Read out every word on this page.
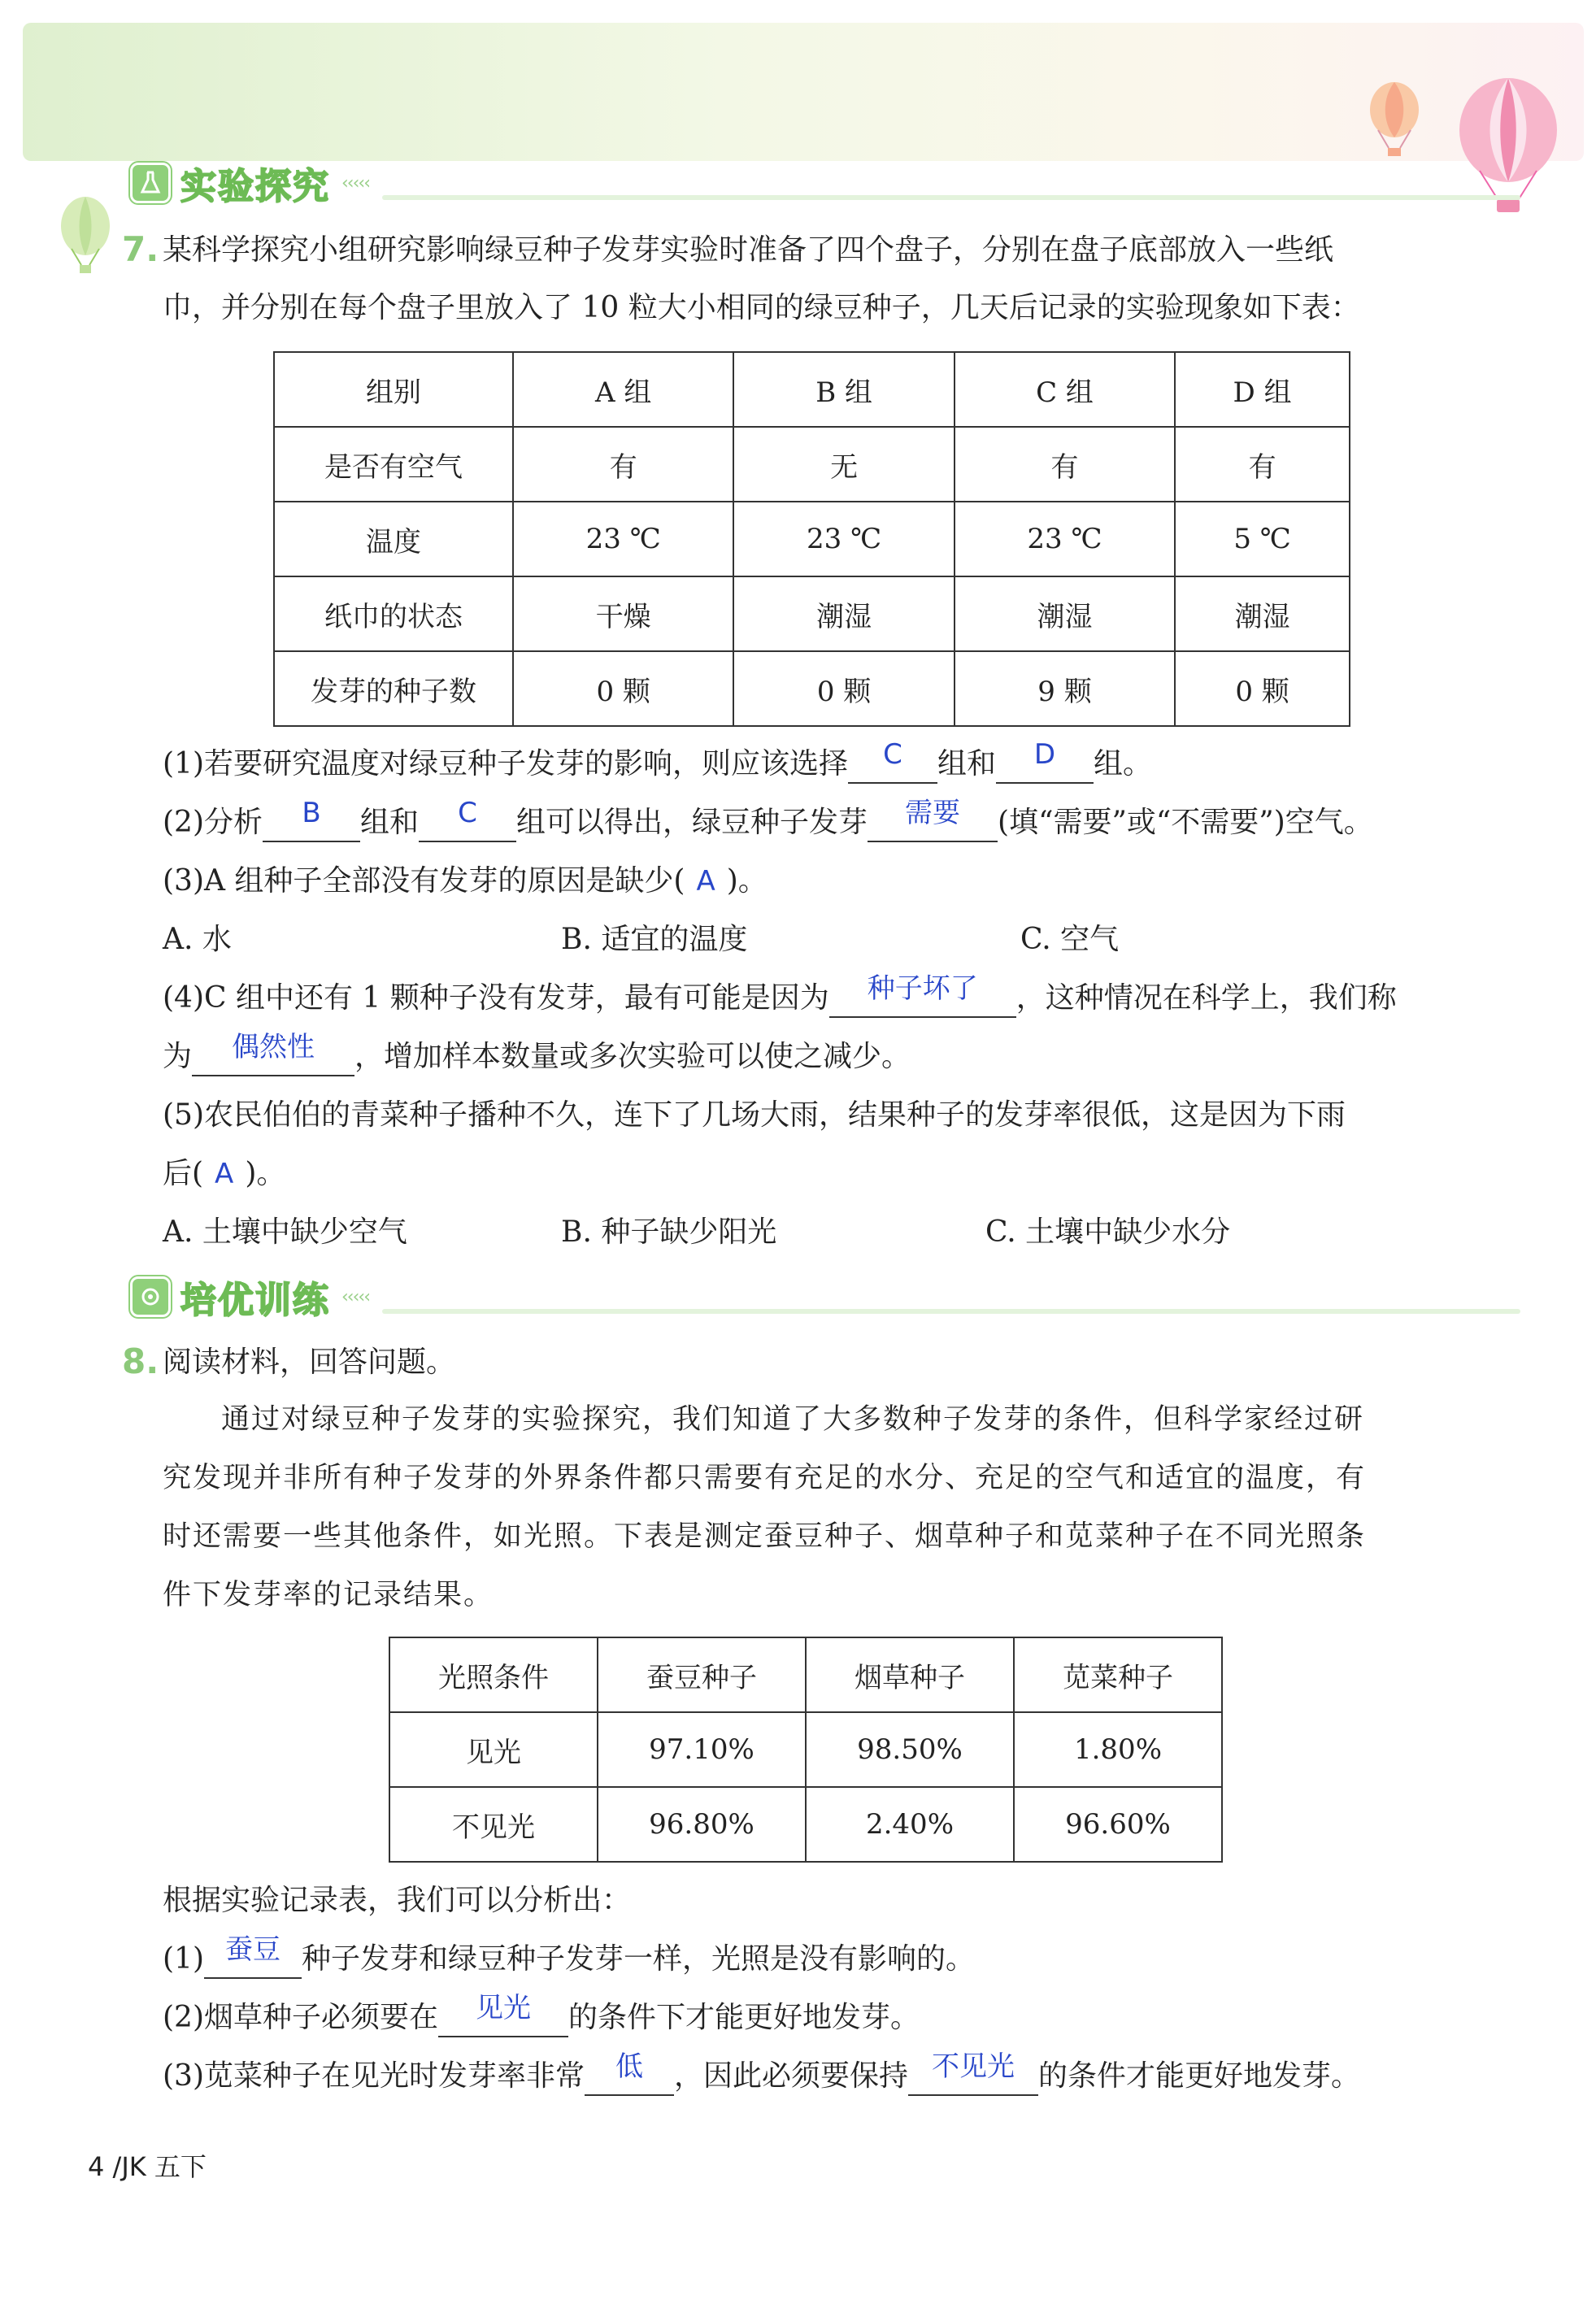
实验探究 ‹‹‹‹‹
7. 某科学探究小组研究影响绿豆种子发芽实验时准备了四个盘子，分别在盘子底部放入一些纸
巾，并分别在每个盘子里放入了 10 粒大小相同的绿豆种子，几天后记录的实验现象如下表：
组别	A 组	B 组	C 组	D 组
是否有空气	有	无	有	有
温度	23 ℃	23 ℃	23 ℃	5 ℃
纸巾的状态	干燥	潮湿	潮湿	潮湿
发芽的种子数	0 颗	0 颗	9 颗	0 颗
(1)若要研究温度对绿豆种子发芽的影响，则应该选择 C 组和 D 组。
(2)分析 B 组和 C 组可以得出，绿豆种子发芽 需要 (填“需要”或“不需要”)空气。
(3)A 组种子全部没有发芽的原因是缺少( A )。
A. 水	B. 适宜的温度	C. 空气
(4)C 组中还有 1 颗种子没有发芽，最有可能是因为 种子坏了 ，这种情况在科学上，我们称
为 偶然性 ，增加样本数量或多次实验可以使之减少。
(5)农民伯伯的青菜种子播种不久，连下了几场大雨，结果种子的发芽率很低，这是因为下雨
后( A )。
A. 土壤中缺少空气	B. 种子缺少阳光	C. 土壤中缺少水分
培优训练 ‹‹‹‹‹
8. 阅读材料，回答问题。
通过对绿豆种子发芽的实验探究，我们知道了大多数种子发芽的条件，但科学家经过研
究发现并非所有种子发芽的外界条件都只需要有充足的水分、充足的空气和适宜的温度，有
时还需要一些其他条件，如光照。下表是测定蚕豆种子、烟草种子和苋菜种子在不同光照条
件下发芽率的记录结果。
光照条件	蚕豆种子	烟草种子	苋菜种子
见光	97.10%	98.50%	1.80%
不见光	96.80%	2.40%	96.60%
根据实验记录表，我们可以分析出：
(1) 蚕豆 种子发芽和绿豆种子发芽一样，光照是没有影响的。
(2)烟草种子必须要在 见光 的条件下才能更好地发芽。
(3)苋菜种子在见光时发芽率非常 低 ，因此必须要保持 不见光 的条件才能更好地发芽。
4 /JK 五下
